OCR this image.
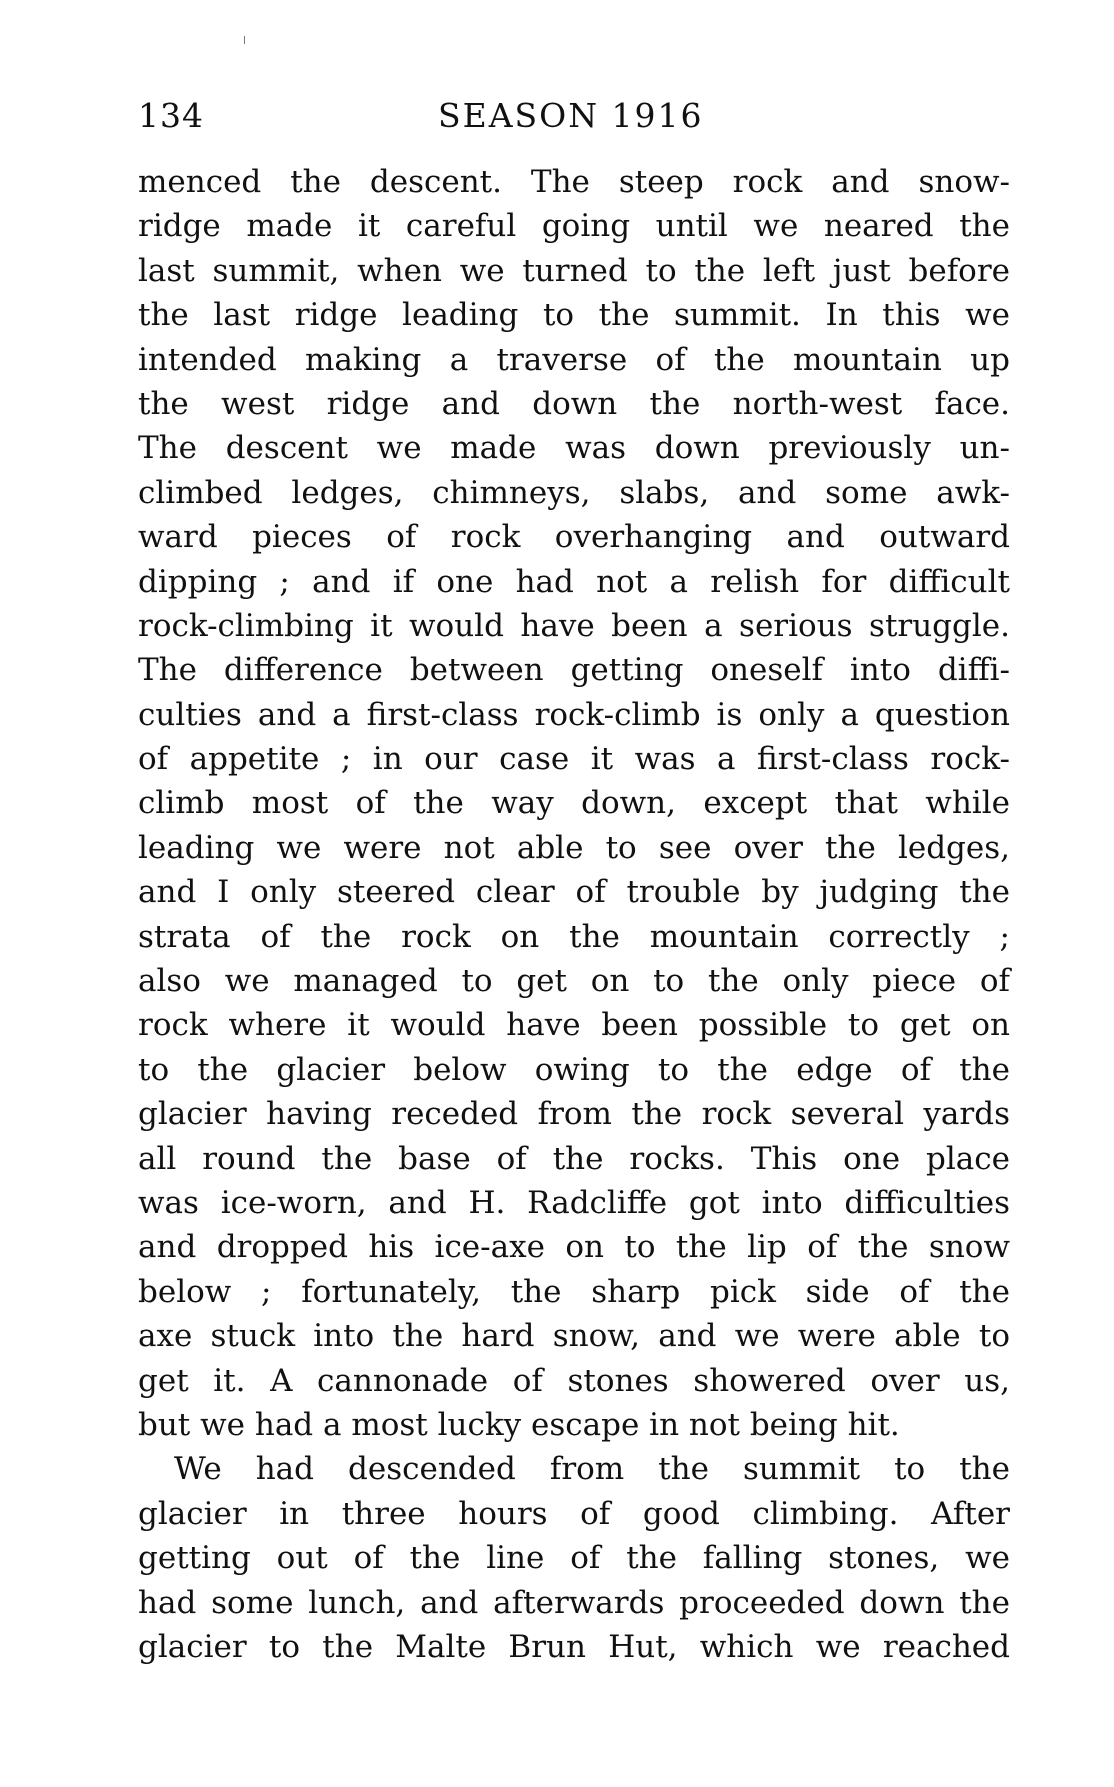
134	SEASON 1916
menced the descent. The steep rock and snow-
ridge made it careful going until we neared the
last summit, when we turned to the left just before
the last ridge leading to the summit. In this we
intended making a traverse of the mountain up
the west ridge and down the north-west face.
The descent we made was down previously un-
climbed ledges, chimneys, slabs, and some awk-
ward pieces of rock overhanging and outward
dipping ; and if one had not a relish for difficult
rock-climbing it would have been a serious struggle.
The difference between getting oneself into diffi-
culties and a first-class rock-climb is only a question
of appetite ; in our case it was a first-class rock-
climb most of the way down, except that while
leading we were not able to see over the ledges,
and I only steered clear of trouble by judging the
strata of the rock on the mountain correctly ;
also we managed to get on to the only piece of
rock where it would have been possible to get on
to the glacier below owing to the edge of the
glacier having receded from the rock several yards
all round the base of the rocks. This one place
was ice-worn, and H. Radcliffe got into difficulties
and dropped his ice-axe on to the lip of the snow
below ; fortunately, the sharp pick side of the
axe stuck into the hard snow, and we were able to
get it. A cannonade of stones showered over us,
but we had a most lucky escape in not being hit.
We had descended from the summit to the
glacier in three hours of good climbing. After
getting out of the line of the falling stones, we
had some lunch, and afterwards proceeded down the
glacier to the Malte Brun Hut, which we reached
